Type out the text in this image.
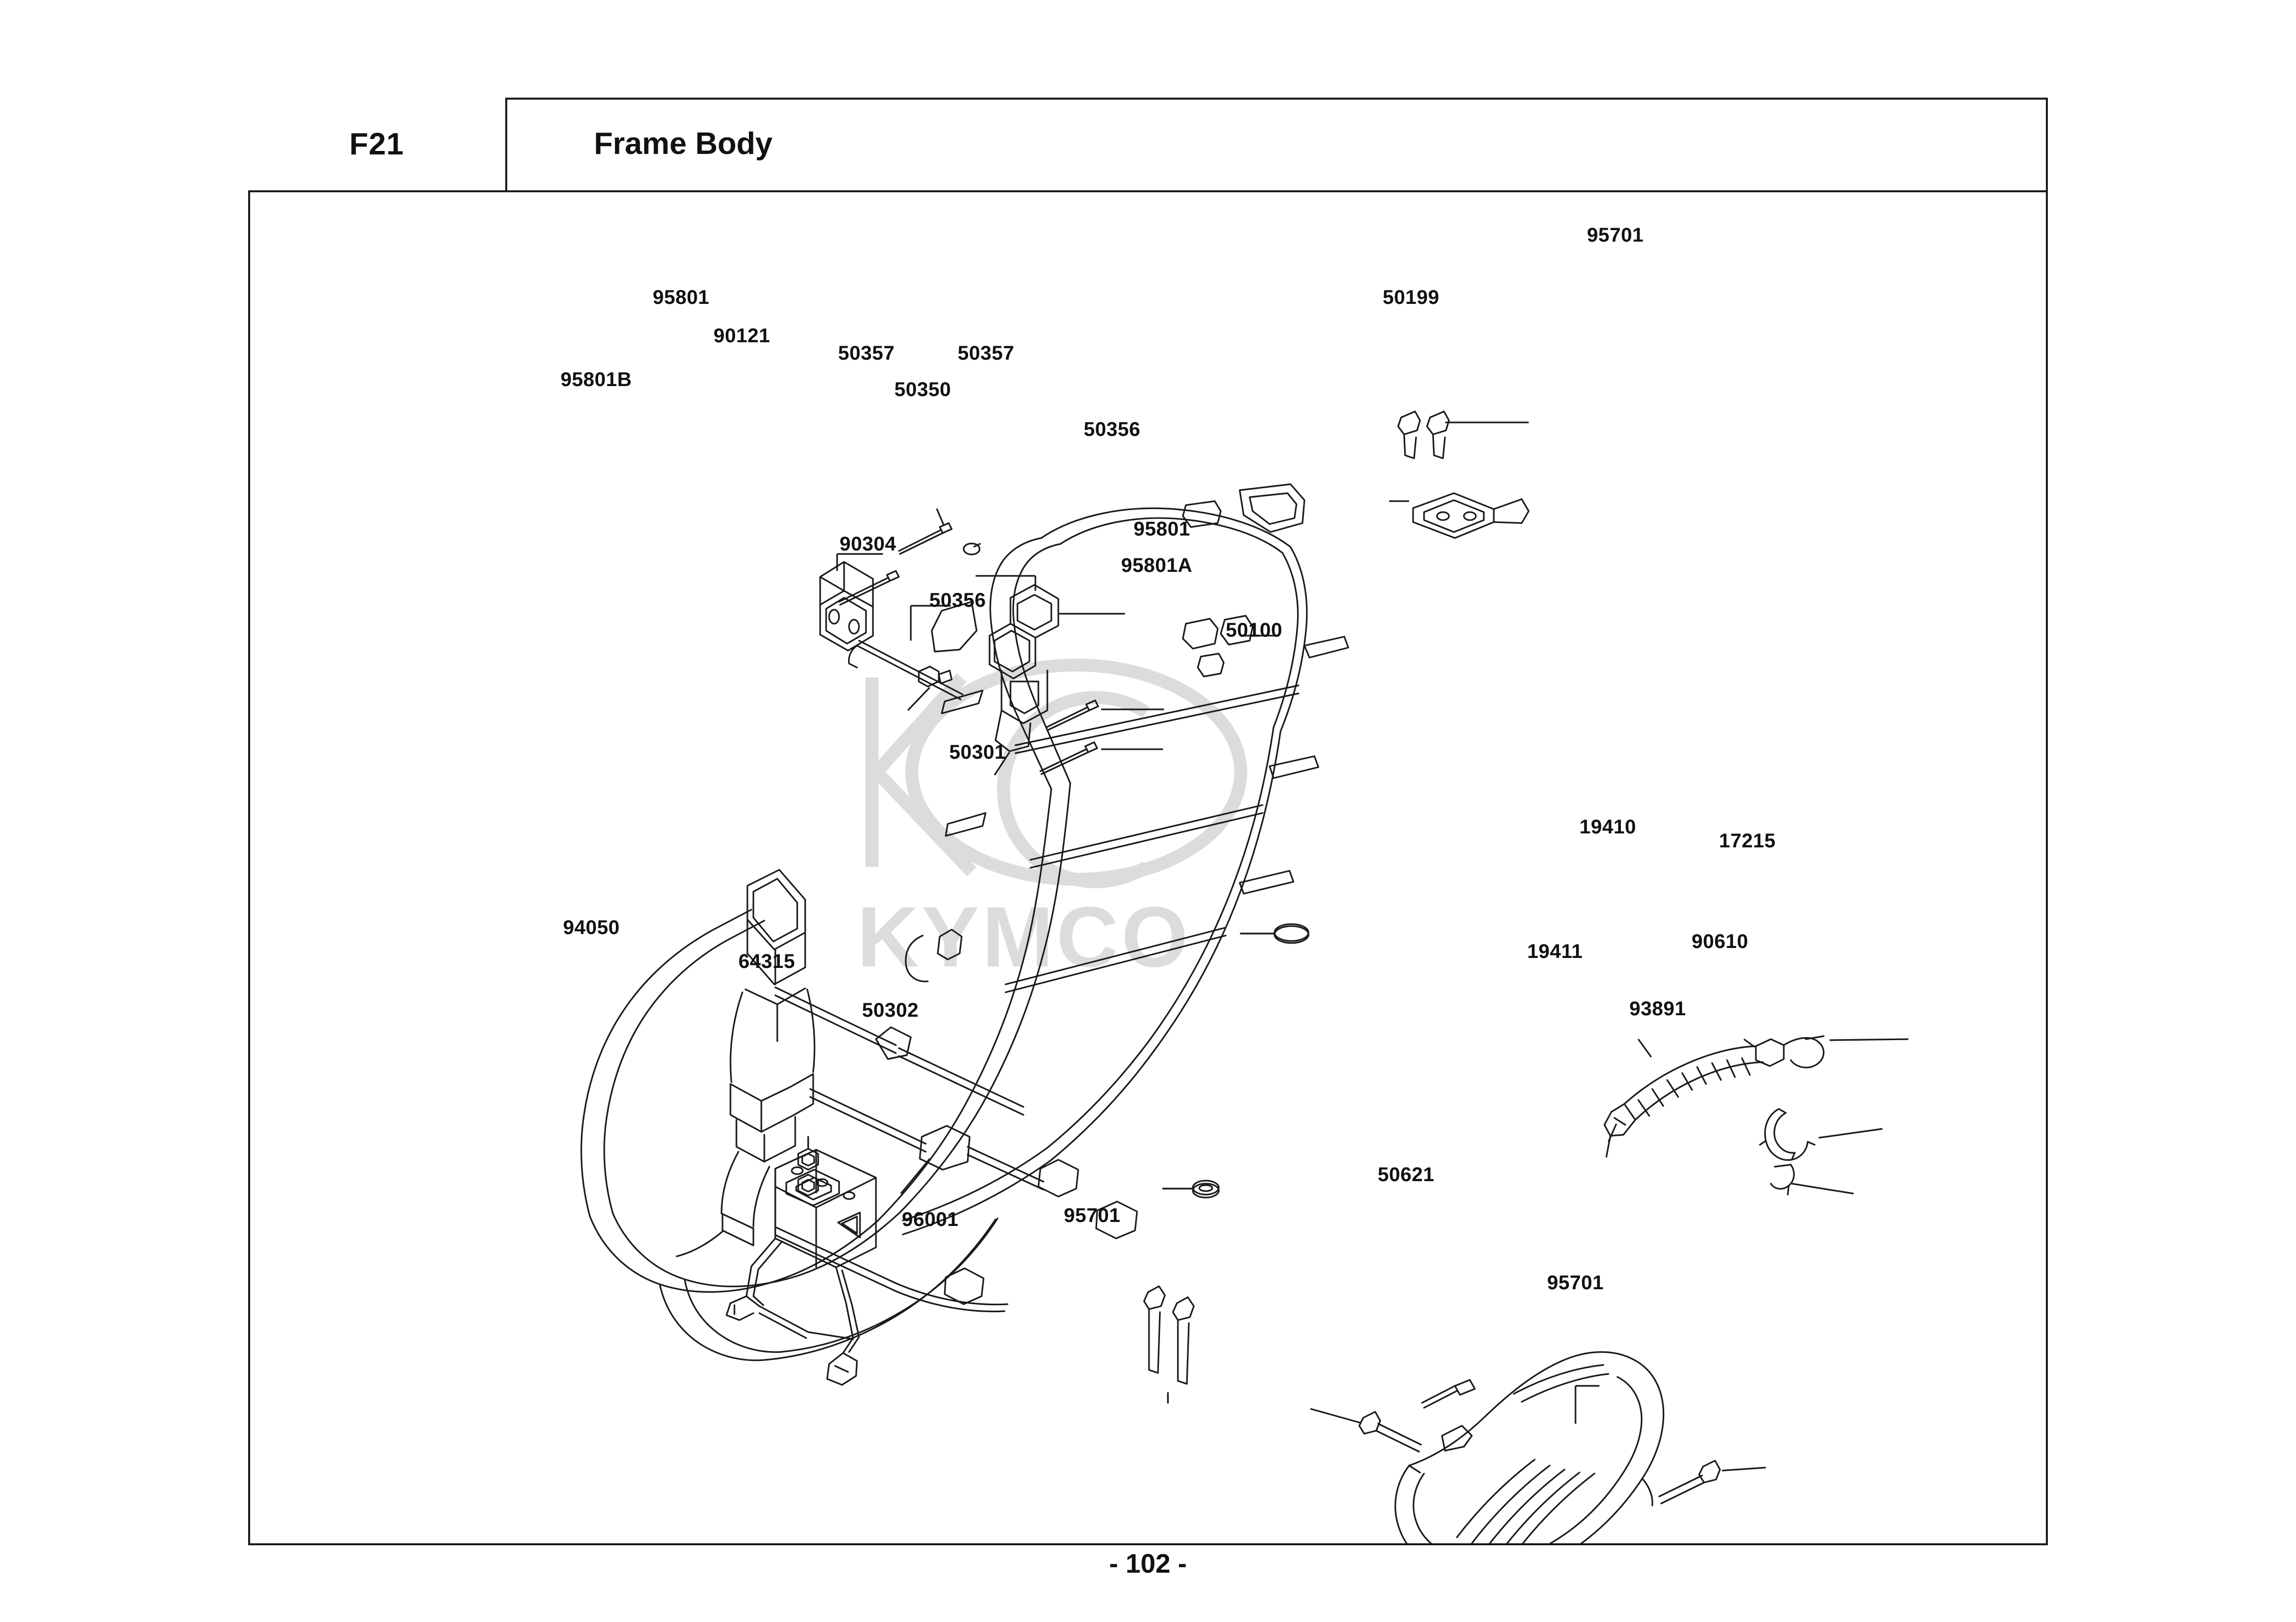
F21	Frame Body
KYMCO
95701
50199
95801
90121
50357	50357
95801B	50350
50356
90304
95801
95801A
50356
50100
50301
19410
17215
19411	90610
93891
94050
64315
50302
96001	95701
50621
95701
- 102 -
